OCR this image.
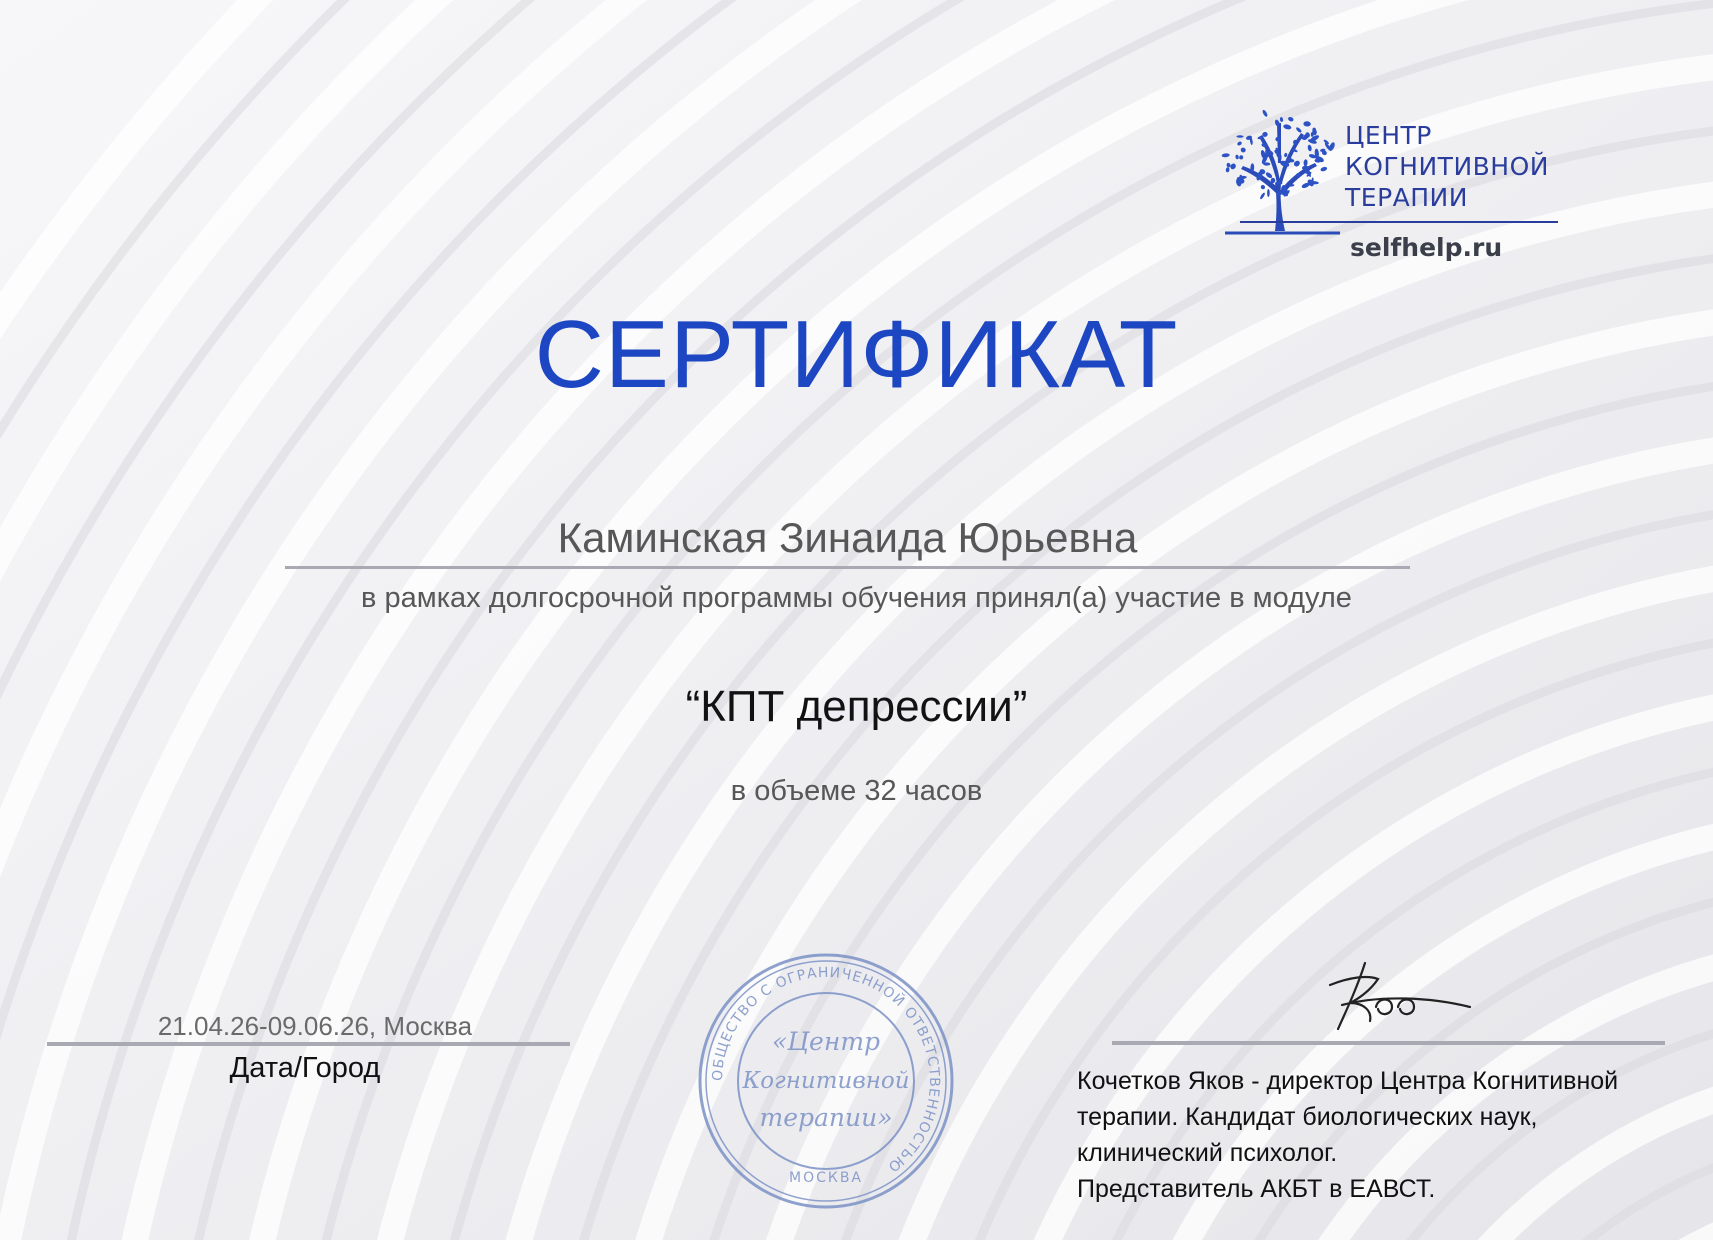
ЦЕНТР
КОГНИТИВНОЙ
ТЕРАПИИ
selfhelp.ru
СЕРТИФИКАТ
Каминская Зинаида Юрьевна
в рамках долгосрочной программы обучения принял(а) участие в модуле
“КПТ депрессии”
в объеме 32 часов
21.04.26-09.06.26, Москва
Дата/Город	ОБЩЕСТВО С ОГРАНИЧЕННОЙ ОТВЕТСТВЕННОСТЬЮ
МОСКВА
«Центр
Когнитивной
терапии»
Кочетков Яков - директор Центра Когнитивной
терапии. Кандидат биологических наук,
клинический психолог.
Представитель АКБТ в ЕАВСТ.
